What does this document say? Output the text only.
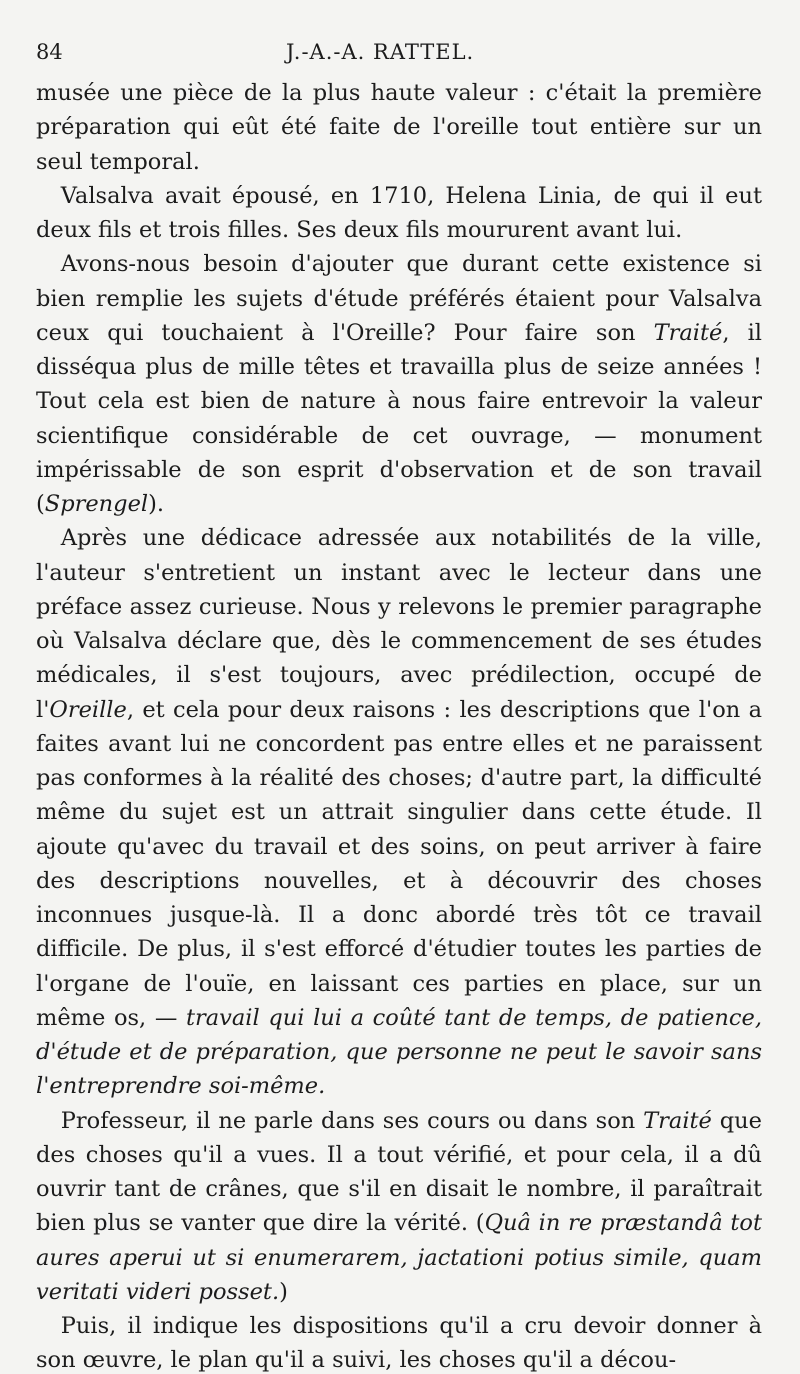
84	J.-A.-A. RATTEL.

musée une pièce de la plus haute valeur : c'était la première préparation qui eût été faite de l'oreille tout entière sur un seul temporal.

Valsalva avait épousé, en 1710, Helena Linia, de qui il eut deux fils et trois filles. Ses deux fils moururent avant lui.

Avons-nous besoin d'ajouter que durant cette existence si bien remplie les sujets d'étude préférés étaient pour Valsalva ceux qui touchaient à l'Oreille? Pour faire son Traité, il disséqua plus de mille têtes et travailla plus de seize années ! Tout cela est bien de nature à nous faire entrevoir la valeur scientifique considérable de cet ouvrage, — monument impérissable de son esprit d'observation et de son travail (Sprengel).

Après une dédicace adressée aux notabilités de la ville, l'auteur s'entretient un instant avec le lecteur dans une préface assez curieuse. Nous y relevons le premier paragraphe où Valsalva déclare que, dès le commencement de ses études médicales, il s'est toujours, avec prédilection, occupé de l'Oreille, et cela pour deux raisons : les descriptions que l'on a faites avant lui ne concordent pas entre elles et ne paraissent pas conformes à la réalité des choses; d'autre part, la difficulté même du sujet est un attrait singulier dans cette étude. Il ajoute qu'avec du travail et des soins, on peut arriver à faire des descriptions nouvelles, et à découvrir des choses inconnues jusque-là. Il a donc abordé très tôt ce travail difficile. De plus, il s'est efforcé d'étudier toutes les parties de l'organe de l'ouïe, en laissant ces parties en place, sur un même os, — travail qui lui a coûté tant de temps, de patience, d'étude et de préparation, que personne ne peut le savoir sans l'entreprendre soi-même.

Professeur, il ne parle dans ses cours ou dans son Traité que des choses qu'il a vues. Il a tout vérifié, et pour cela, il a dû ouvrir tant de crânes, que s'il en disait le nombre, il paraîtrait bien plus se vanter que dire la vérité. (Quâ in re præstandâ tot aures aperui ut si enumerarem, jactationi potius simile, quam veritati videri posset.)

Puis, il indique les dispositions qu'il a cru devoir donner à son œuvre, le plan qu'il a suivi, les choses qu'il a décou-
